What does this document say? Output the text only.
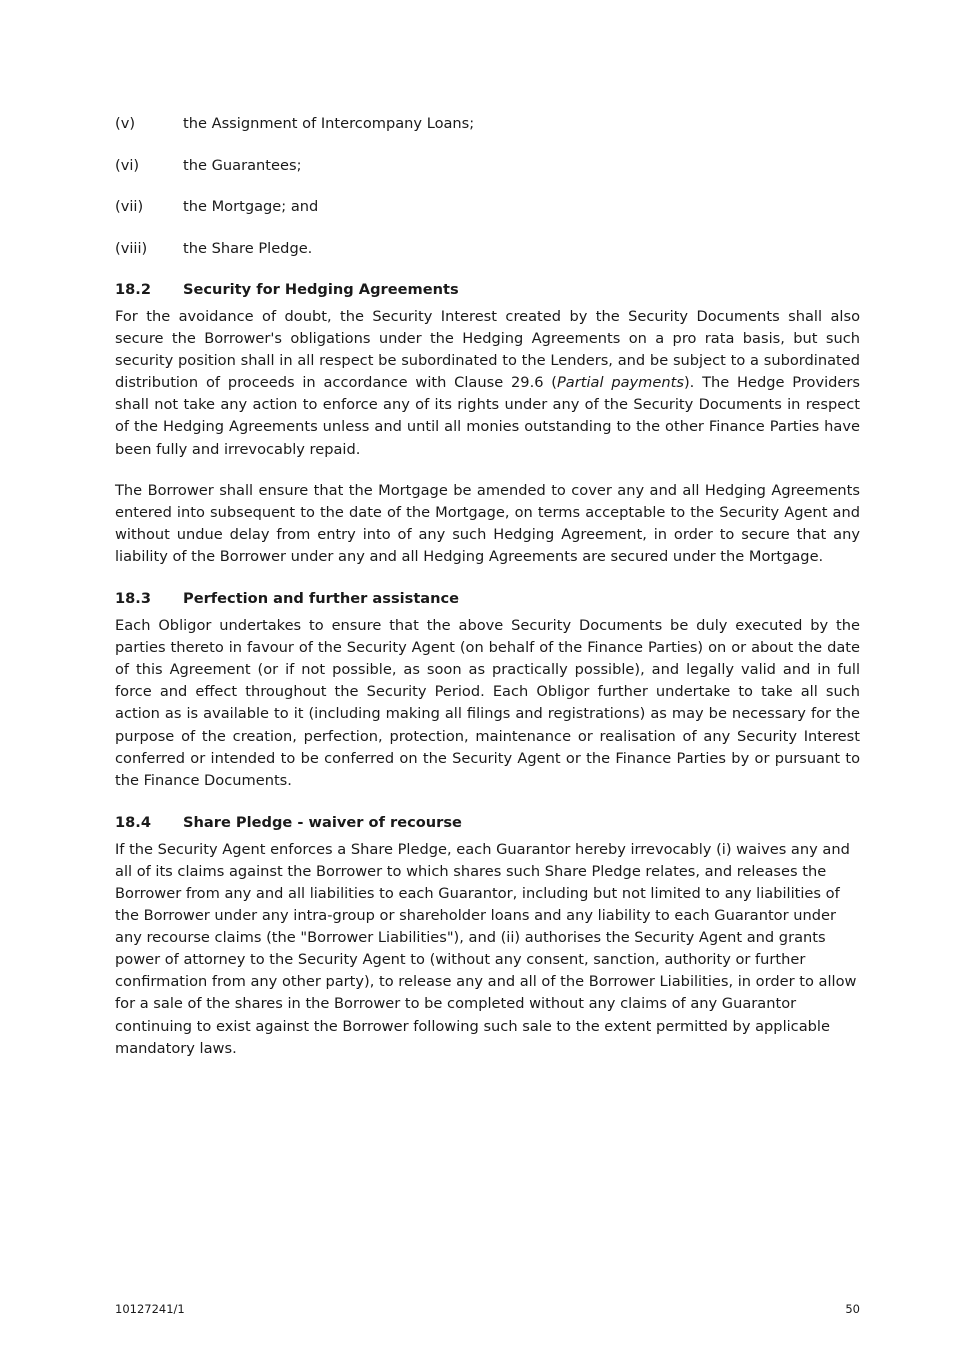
(v)	the Assignment of Intercompany Loans;
(vi)	the Guarantees;
(vii)	the Mortgage; and
(viii)	the Share Pledge.
18.2	Security for Hedging Agreements

For the avoidance of doubt, the Security Interest created by the Security Documents shall also secure the Borrower's obligations under the Hedging Agreements on a pro rata basis, but such security position shall in all respect be subordinated to the Lenders, and be subject to a subordinated distribution of proceeds in accordance with Clause 29.6 (Partial payments). The Hedge Providers shall not take any action to enforce any of its rights under any of the Security Documents in respect of the Hedging Agreements unless and until all monies outstanding to the other Finance Parties have been fully and irrevocably repaid.

The Borrower shall ensure that the Mortgage be amended to cover any and all Hedging Agreements entered into subsequent to the date of the Mortgage, on terms acceptable to the Security Agent and without undue delay from entry into of any such Hedging Agreement, in order to secure that any liability of the Borrower under any and all Hedging Agreements are secured under the Mortgage.

18.3	Perfection and further assistance

Each Obligor undertakes to ensure that the above Security Documents be duly executed by the parties thereto in favour of the Security Agent (on behalf of the Finance Parties) on or about the date of this Agreement (or if not possible, as soon as practically possible), and legally valid and in full force and effect throughout the Security Period. Each Obligor further undertake to take all such action as is available to it (including making all filings and registrations) as may be necessary for the purpose of the creation, perfection, protection, maintenance or realisation of any Security Interest conferred or intended to be conferred on the Security Agent or the Finance Parties by or pursuant to the Finance Documents.

18.4	Share Pledge - waiver of recourse

If the Security Agent enforces a Share Pledge, each Guarantor hereby irrevocably (i) waives any and all of its claims against the Borrower to which shares such Share Pledge relates, and releases the Borrower from any and all liabilities to each Guarantor, including but not limited to any liabilities of the Borrower under any intra-group or shareholder loans and any liability to each Guarantor under any recourse claims (the "Borrower Liabilities"), and (ii) authorises the Security Agent and grants power of attorney to the Security Agent to (without any consent, sanction, authority or further confirmation from any other party), to release any and all of the Borrower Liabilities, in order to allow for a sale of the shares in the Borrower to be completed without any claims of any Guarantor continuing to exist against the Borrower following such sale to the extent permitted by applicable mandatory laws.

10127241/1	50
